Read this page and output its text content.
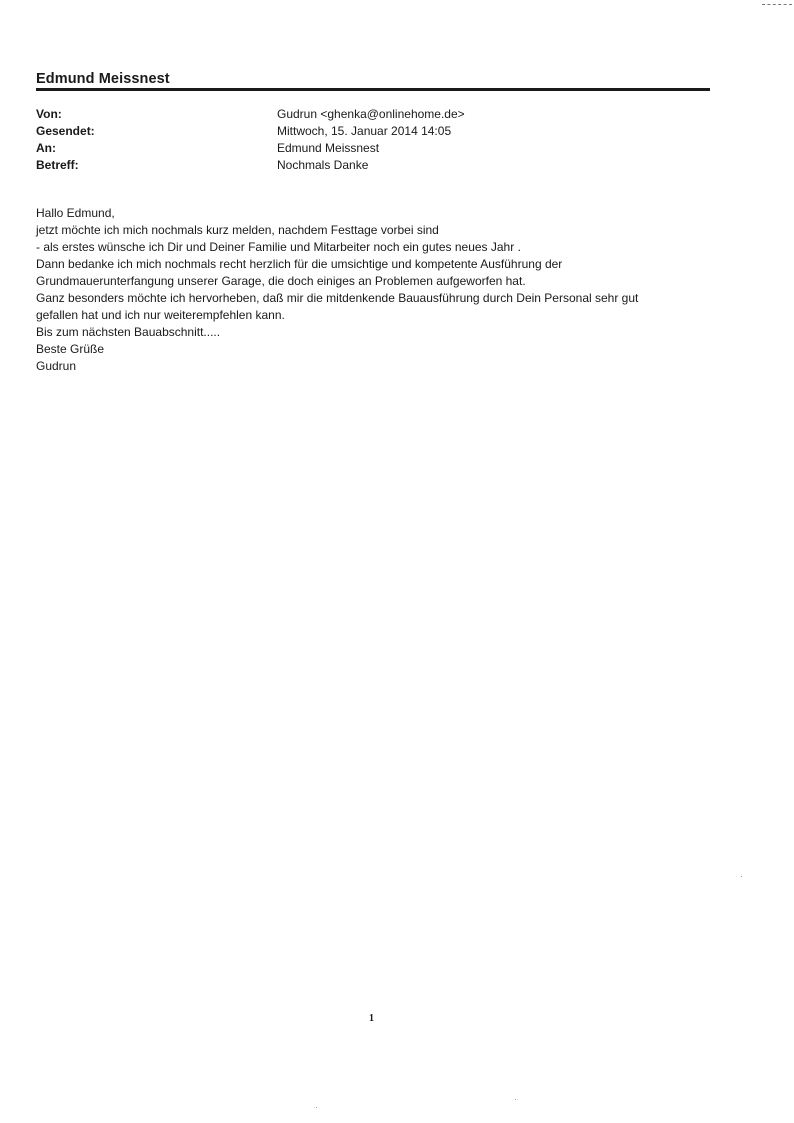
Edmund Meissnest
Von:	Gudrun <ghenka@onlinehome.de>
Gesendet:	Mittwoch, 15. Januar 2014 14:05
An:	Edmund Meissnest
Betreff:	Nochmals Danke

Hallo Edmund,

jetzt möchte ich mich nochmals kurz melden, nachdem Festtage vorbei sind

- als erstes wünsche ich Dir und Deiner Familie und Mitarbeiter noch ein gutes neues Jahr .

Dann bedanke ich mich nochmals recht herzlich für die umsichtige und kompetente Ausführung der

Grundmauerunterfangung unserer Garage, die doch einiges an Problemen aufgeworfen hat.

Ganz besonders möchte ich hervorheben, daß mir die mitdenkende Bauausführung durch Dein Personal sehr gut

gefallen hat und ich nur weiterempfehlen kann.

Bis zum nächsten Bauabschnitt.....

Beste Grüße

Gudrun

1
